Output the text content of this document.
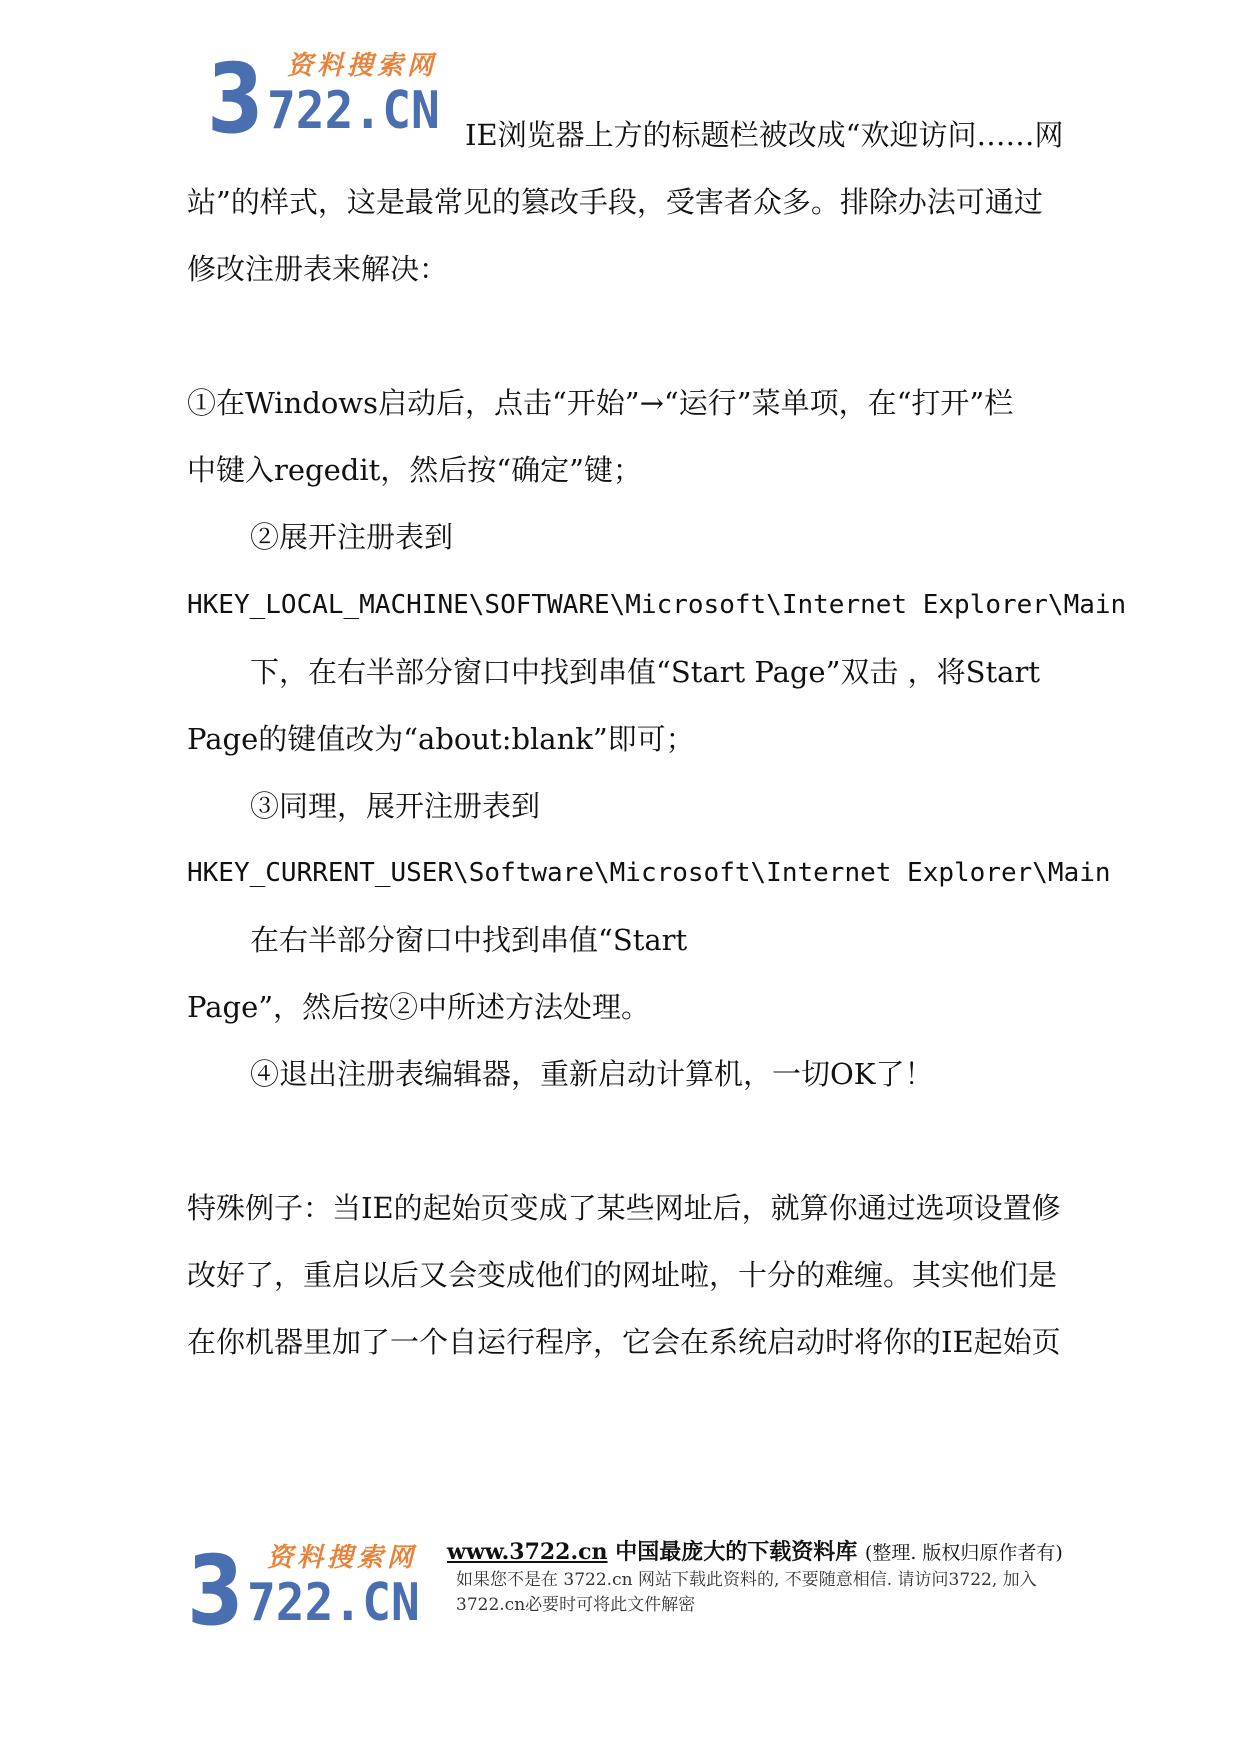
3 资料搜索网
722.CN IE浏览器上方的标题栏被改成“欢迎访问……网

站”的样式，这是最常见的篡改手段，受害者众多。排除办法可通过

修改注册表来解决：

①在Windows启动后，点击“开始”→“运行”菜单项，在“打开”栏

中键入regedit，然后按“确定”键；

②展开注册表到

HKEY_LOCAL_MACHINE\SOFTWARE\Microsoft\Internet Explorer\Main

下，在右半部分窗口中找到串值“Start Page”双击 ，将Start

Page的键值改为“about:blank”即可；

③同理，展开注册表到

HKEY_CURRENT_USER\Software\Microsoft\Internet Explorer\Main

在右半部分窗口中找到串值“Start

Page”，然后按②中所述方法处理。

④退出注册表编辑器，重新启动计算机，一切OK了！

特殊例子：当IE的起始页变成了某些网址后，就算你通过选项设置修

改好了，重启以后又会变成他们的网址啦，十分的难缠。其实他们是

在你机器里加了一个自运行程序，它会在系统启动时将你的IE起始页

3 资料搜索网
722.CN
www.3722.cn 中国最庞大的下载资料库 (整理. 版权归原作者有)
如果您不是在 3722.cn 网站下载此资料的, 不要随意相信. 请访问3722, 加入
3722.cn必要时可将此文件解密
